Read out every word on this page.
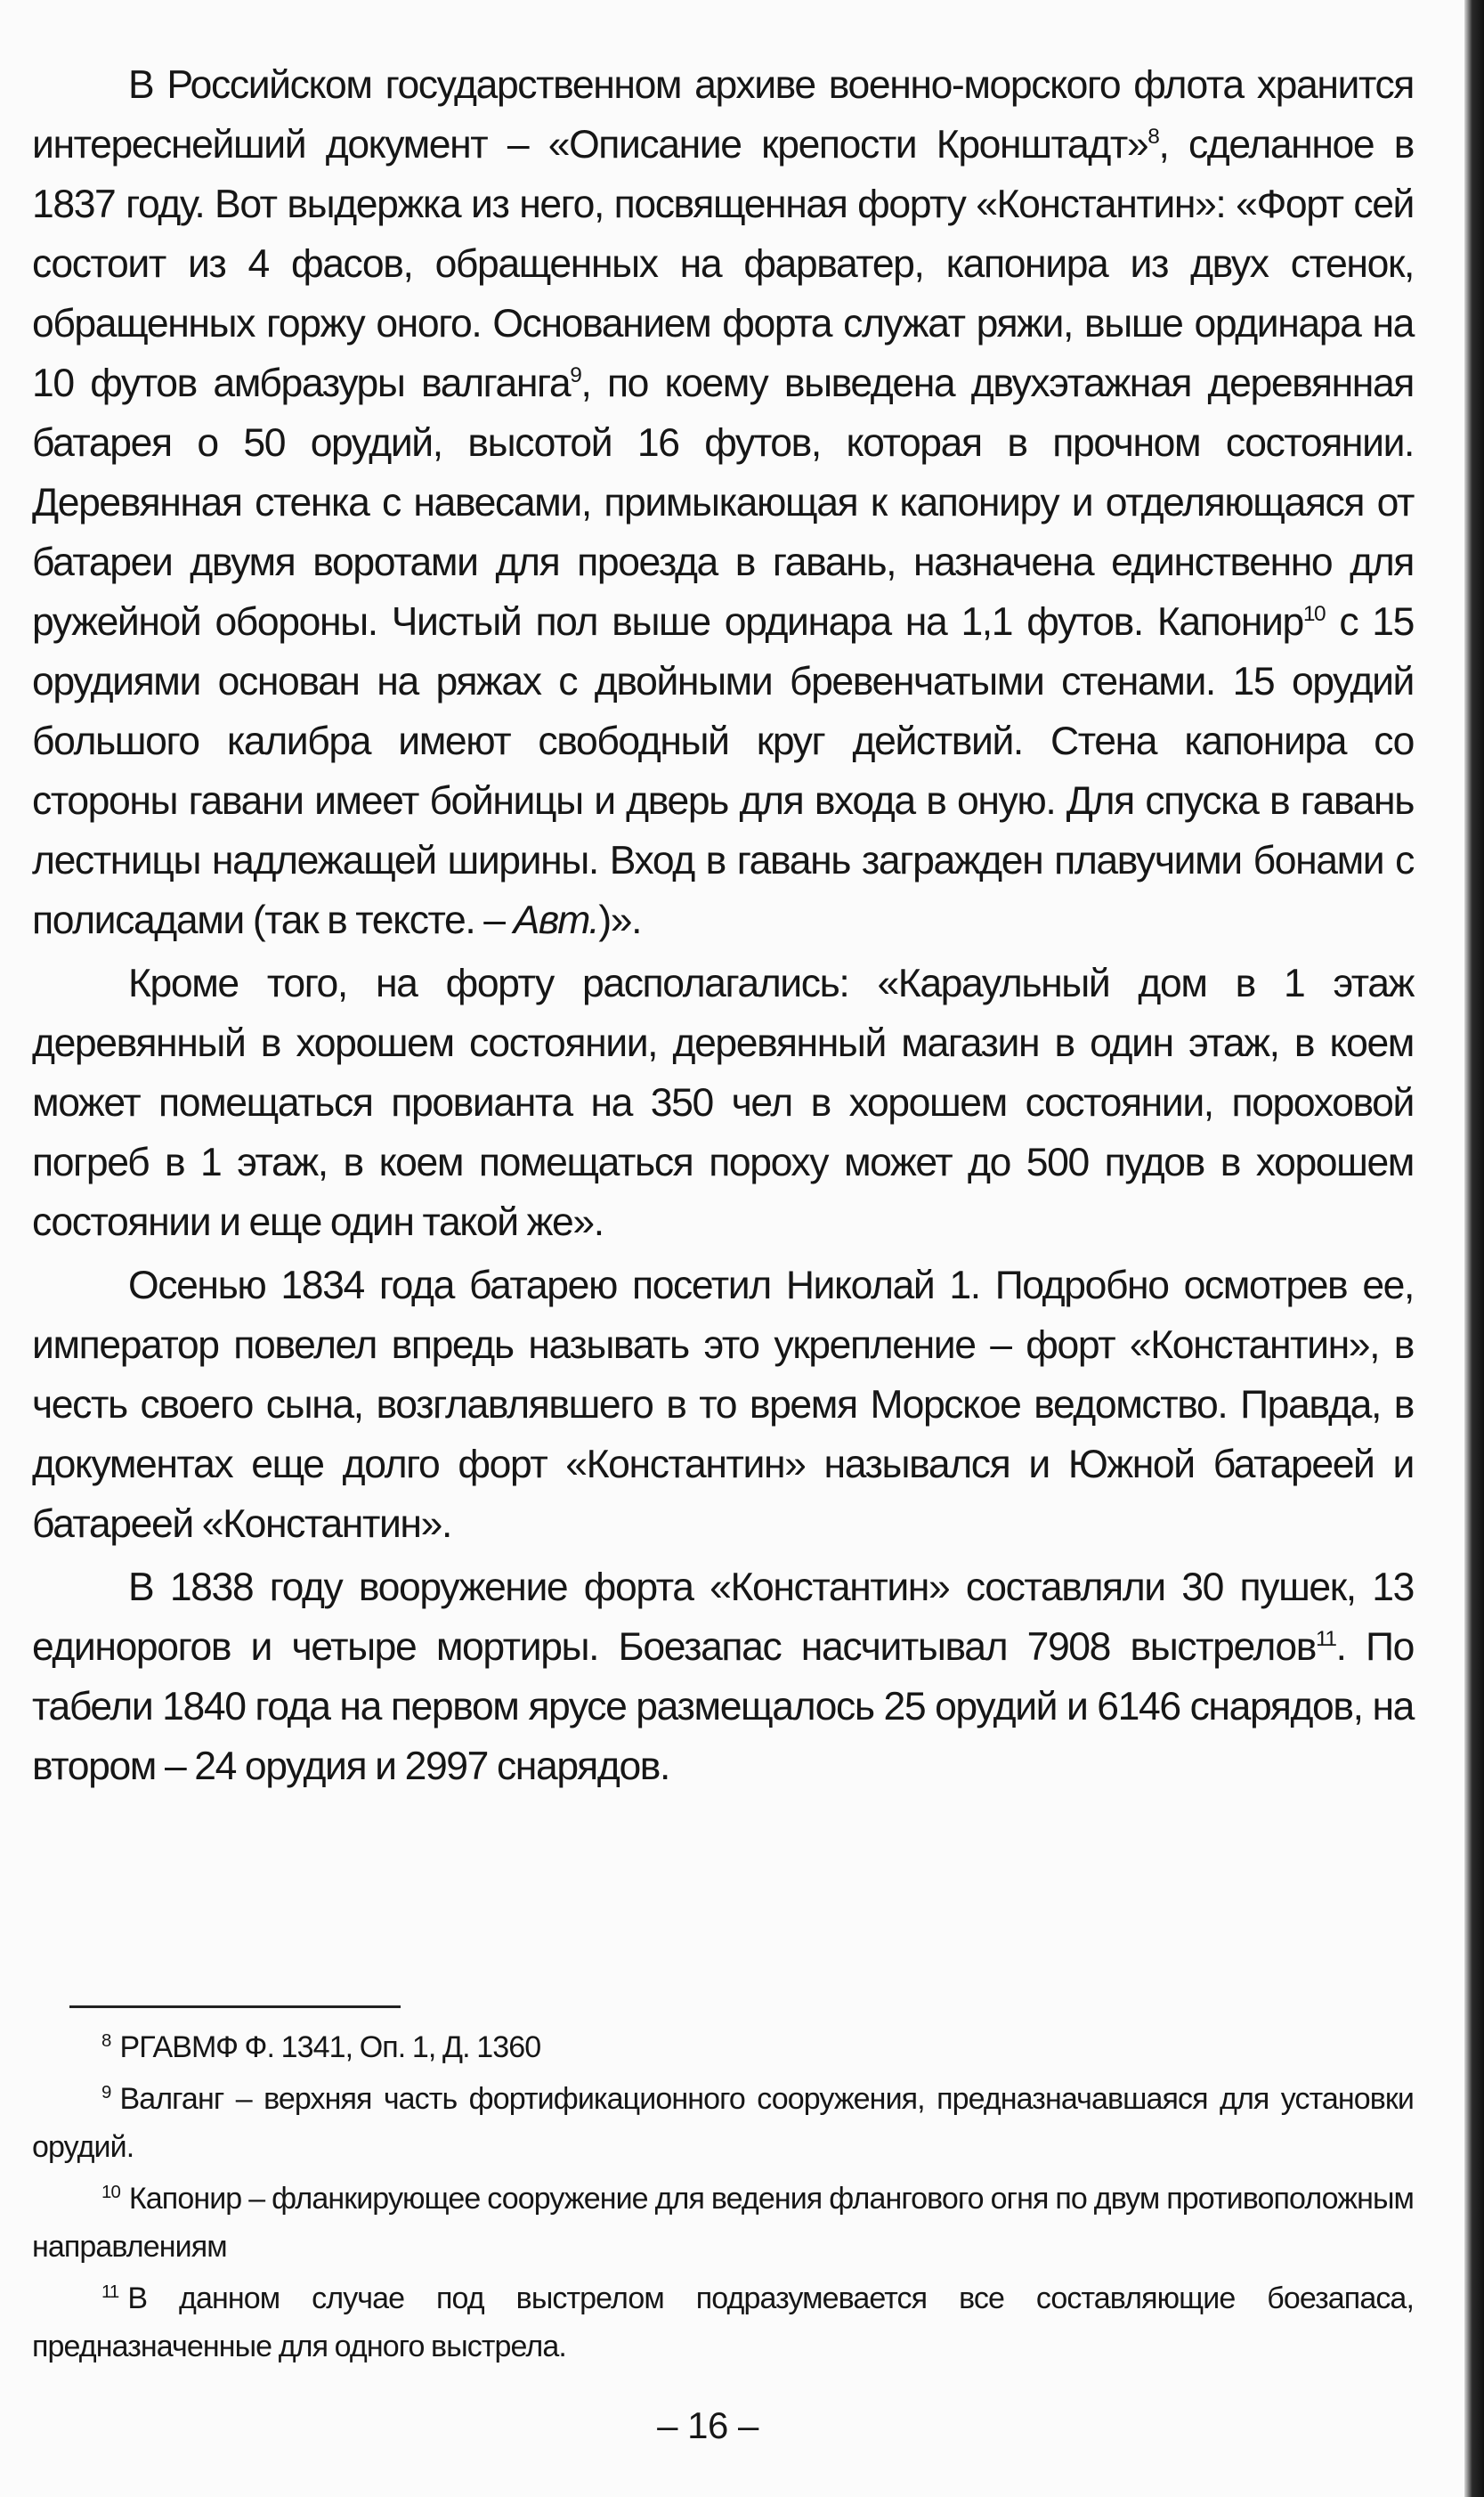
В Российском государственном архиве военно-морского флота хранится интереснейший документ – «Описание крепости Кронштадт»$^8$, сделанное в 1837 году. Вот выдержка из него, посвященная форту «Константин»: «Форт сей состоит из 4 фасов, обращенных на фарватер, капонира из двух стенок, обращенных горжу оного. Основанием форта служат ряжи, выше ординара на 10 футов амбразуры валганга$^9$, по коему выведена двухэтажная деревянная батарея о 50 орудий, высотой 16 футов, которая в прочном состоянии. Деревянная стенка с навесами, примыкающая к капониру и отделяющаяся от батареи двумя воротами для проезда в гавань, назначена единственно для ружейной обороны. Чистый пол выше ординара на 1,1 футов. Капонир$^{10}$ с 15 орудиями основан на ряжах с двойными бревенчатыми стенами. 15 орудий большого калибра имеют свободный круг действий. Стена капонира со стороны гавани имеет бойницы и дверь для входа в оную. Для спуска в гавань лестницы надлежащей ширины. Вход в гавань загражден плавучими бонами с полисадами (так в тексте. – Авт.)».

Кроме того, на форту располагались: «Караульный дом в 1 этаж деревянный в хорошем состоянии, деревянный магазин в один этаж, в коем может помещаться провианта на 350 чел в хорошем состоянии, пороховой погреб в 1 этаж, в коем помещаться пороху может до 500 пудов в хорошем состоянии и еще один такой же».

Осенью 1834 года батарею посетил Николай 1. Подробно осмотрев ее, император повелел впредь называть это укрепление – форт «Константин», в честь своего сына, возглавлявшего в то время Морское ведомство. Правда, в документах еще долго форт «Константин» назывался и Южной батареей и батареей «Константин».

В 1838 году вооружение форта «Константин» составляли 30 пушек, 13 единорогов и четыре мортиры. Боезапас насчитывал 7908 выстрелов$^{11}$. По табели 1840 года на первом ярусе размещалось 25 орудий и 6146 снарядов, на втором – 24 орудия и 2997 снарядов.

$^8$ РГАВМФ Ф. 1341, Оп. 1, Д. 1360

$^9$ Валганг – верхняя часть фортификационного сооружения, предназначавшаяся для установки орудий.

$^{10}$ Капонир – фланкирующее сооружение для ведения флангового огня по двум противоположным направлениям

$^{11}$ В данном случае под выстрелом подразумевается все составляющие боезапаса, предназначенные для одного выстрела.

– 16 –
